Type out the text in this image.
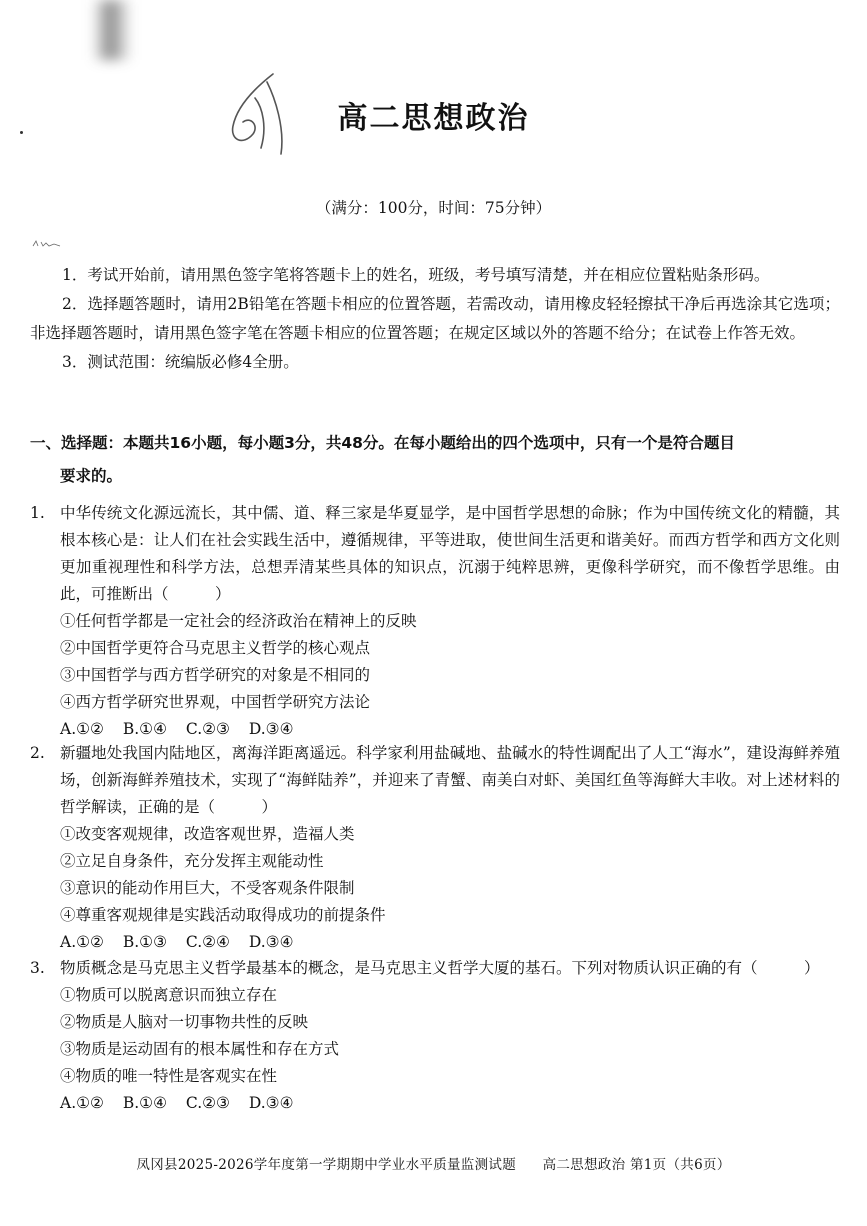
高二思想政治
（满分：100分，时间：75分钟）

1．考试开始前，请用黑色签字笔将答题卡上的姓名，班级，考号填写清楚，并在相应位置粘贴条形码。

2．选择题答题时，请用2B铅笔在答题卡相应的位置答题，若需改动，请用橡皮轻轻擦拭干净后再选涂其它选项；非选择题答题时，请用黑色签字笔在答题卡相应的位置答题；在规定区域以外的答题不给分；在试卷上作答无效。

3．测试范围：统编版必修4全册。

一、选择题：本题共16小题，每小题3分，共48分。在每小题给出的四个选项中，只有一个是符合题目
要求的。
1. 中华传统文化源远流长，其中儒、道、释三家是华夏显学，是中国哲学思想的命脉；作为中国传统文化的精髓，其根本核心是：让人们在社会实践生活中，遵循规律，平等进取，使世间生活更和谐美好。而西方哲学和西方文化则更加重视理性和科学方法，总想弄清某些具体的知识点，沉溺于纯粹思辨，更像科学研究，而不像哲学思维。由此，可推断出（　　　）
①任何哲学都是一定社会的经济政治在精神上的反映
②中国哲学更符合马克思主义哲学的核心观点
③中国哲学与西方哲学研究的对象是不相同的
④西方哲学研究世界观，中国哲学研究方法论
A.①② B.①④ C.②③ D.③④
2. 新疆地处我国内陆地区，离海洋距离遥远。科学家利用盐碱地、盐碱水的特性调配出了人工“海水”，建设海鲜养殖场，创新海鲜养殖技术，实现了“海鲜陆养”，并迎来了青蟹、南美白对虾、美国红鱼等海鲜大丰收。对上述材料的哲学解读，正确的是（　　　）
①改变客观规律，改造客观世界，造福人类
②立足自身条件，充分发挥主观能动性
③意识的能动作用巨大，不受客观条件限制
④尊重客观规律是实践活动取得成功的前提条件
A.①② B.①③ C.②④ D.③④
3. 物质概念是马克思主义哲学最基本的概念，是马克思主义哲学大厦的基石。下列对物质认识正确的有（　　　）
①物质可以脱离意识而独立存在
②物质是人脑对一切事物共性的反映
③物质是运动固有的根本属性和存在方式
④物质的唯一特性是客观实在性
A.①② B.①④ C.②③ D.③④
凤冈县2025-2026学年度第一学期期中学业水平质量监测试题 高二思想政治 第1页（共6页）
